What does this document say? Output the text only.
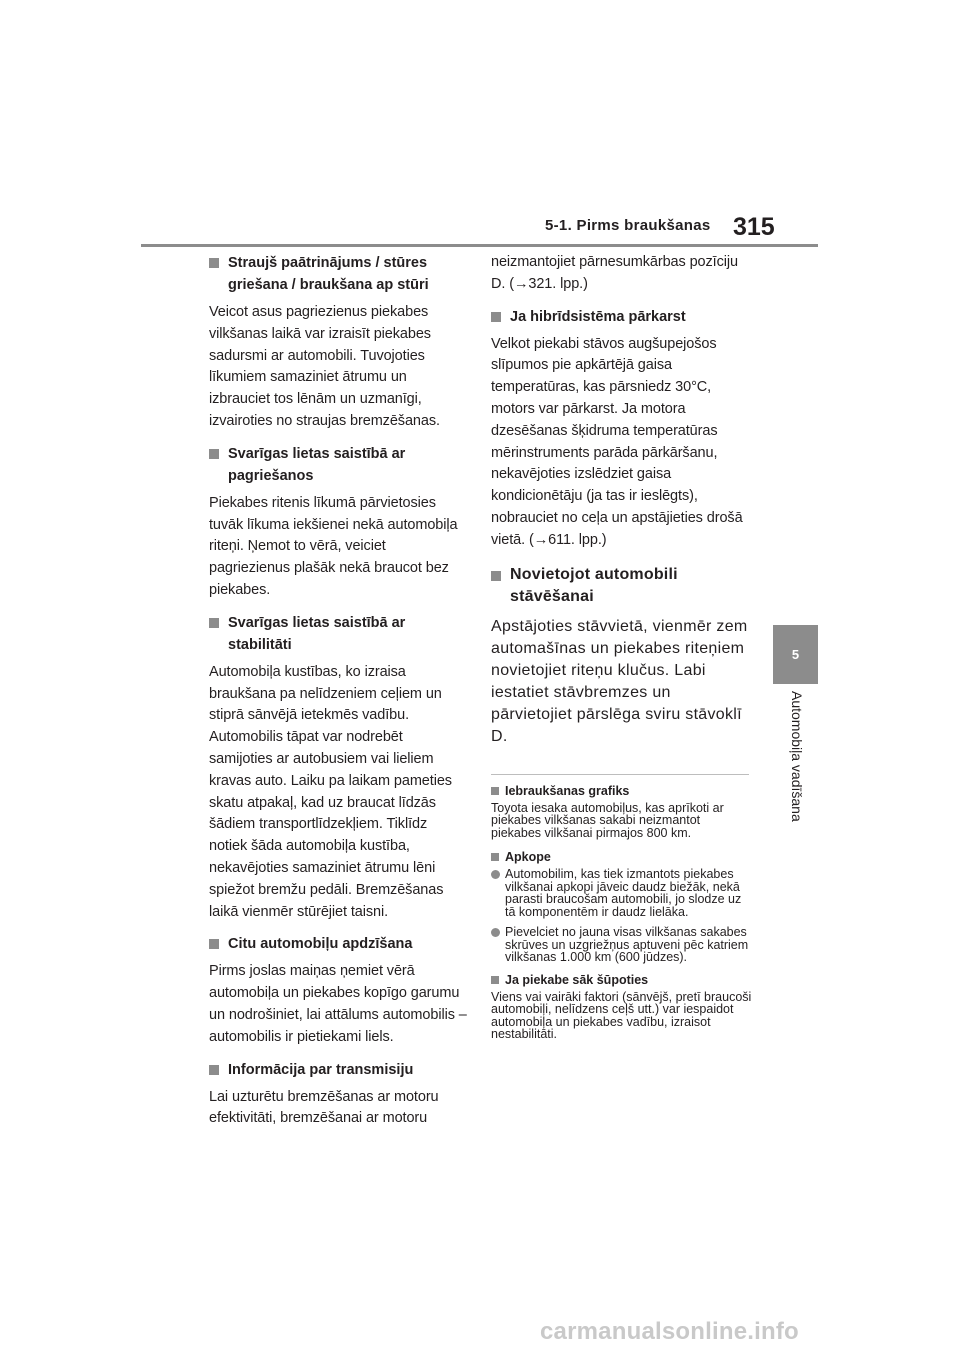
5-1. Pirms braukšanas 315
5
Automobiļa vadīšana
Straujš paātrinājums / stūres griešana / braukšana ap stūri

Veicot asus pagriezienus piekabes vilkšanas laikā var izraisīt piekabes sadursmi ar automobili. Tuvojoties līkumiem samaziniet ātrumu un izbrauciet tos lēnām un uzmanīgi, izvairoties no straujas bremzēšanas.

Svarīgas lietas saistībā ar pagriešanos

Piekabes ritenis līkumā pārvietosies tuvāk līkuma iekšienei nekā automobiļa riteņi. Ņemot to vērā, veiciet pagriezienus plašāk nekā braucot bez piekabes.

Svarīgas lietas saistībā ar stabilitāti

Automobiļa kustības, ko izraisa braukšana pa nelīdzeniem ceļiem un stiprā sānvējā ietekmēs vadību. Automobilis tāpat var nodrebēt samijoties ar autobusiem vai lieliem kravas auto. Laiku pa laikam pameties skatu atpakaļ, kad uz braucat līdzās šādiem transportlīdzekļiem. Tiklīdz notiek šāda automobiļa kustība, nekavējoties samaziniet ātrumu lēni spiežot bremžu pedāli. Bremzēšanas laikā vienmēr stūrējiet taisni.

Citu automobiļu apdzīšana

Pirms joslas maiņas ņemiet vērā automobiļa un piekabes kopīgo garumu un nodrošiniet, lai attālums automobilis – automobilis ir pietiekami liels.

Informācija par transmisiju

Lai uzturētu bremzēšanas ar motoru efektivitāti, bremzēšanai ar motoru

neizmantojiet pārnesumkārbas pozīciju D. (→321. lpp.)

Ja hibrīdsistēma pārkarst

Velkot piekabi stāvos augšupejošos slīpumos pie apkārtējā gaisa temperatūras, kas pārsniedz 30°C, motors var pārkarst. Ja motora dzesēšanas šķidruma temperatūras mērinstruments parāda pārkāršanu, nekavējoties izslēdziet gaisa kondicionētāju (ja tas ir ieslēgts), nobrauciet no ceļa un apstājieties drošā vietā. (→611. lpp.)

Novietojot automobili stāvēšanai

Apstājoties stāvvietā, vienmēr zem automašīnas un piekabes riteņiem novietojiet riteņu klučus. Labi iestatiet stāvbremzes un pārvietojiet pārslēga sviru stāvoklī D.

Iebraukšanas grafiks

Toyota iesaka automobiļus, kas aprīkoti ar piekabes vilkšanas sakabi neizmantot piekabes vilkšanai pirmajos 800 km.

Apkope
Automobilim, kas tiek izmantots piekabes vilkšanai apkopi jāveic daudz biežāk, nekā parasti braucošam automobili, jo slodze uz tā komponentēm ir daudz lielāka.
Pievelciet no jauna visas vilkšanas sakabes skrūves un uzgriežņus aptuveni pēc katriem vilkšanas 1.000 km (600 jūdzes).
Ja piekabe sāk šūpoties

Viens vai vairāki faktori (sānvējš, pretī braucoši automobiļi, nelīdzens ceļš utt.) var iespaidot automobiļa un piekabes vadību, izraisot nestabilitāti.

carmanualsonline.info
